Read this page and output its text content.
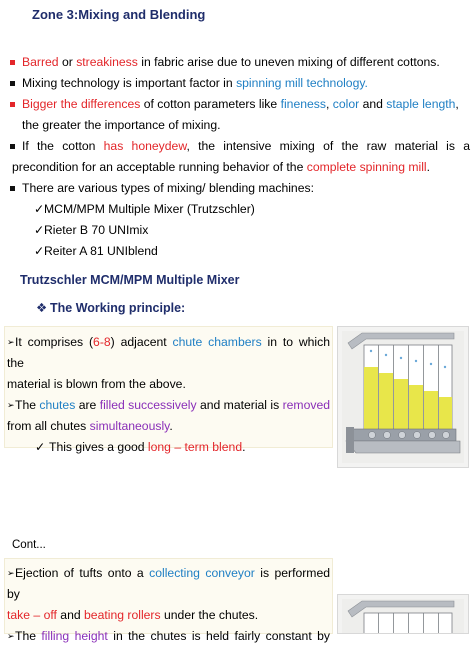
Zone 3:Mixing and Blending
Barred or streakiness in fabric arise due to uneven mixing of different cottons.
Mixing technology is important factor in spinning mill technology.
Bigger the differences of cotton parameters like fineness, color and staple length,
the greater the importance of mixing.
If the cotton has honeydew, the intensive mixing of the raw material is a
precondition for an acceptable running behavior of the complete spinning mill.
There are various types of mixing/ blending machines:
✓MCM/MPM Multiple Mixer (Trutzschler)
✓Rieter B 70 UNImix
✓Reiter A 81 UNIblend
Trutzschler MCM/MPM Multiple Mixer
❖ The Working principle:
➢It comprises (6-8) adjacent chute chambers in to which the
material is blown from the above.
➢The chutes are filled successively and material is removed
from all chutes simultaneously.
✓ This gives a good long – term blend.
Cont...
➢Ejection of tufts onto a collecting conveyor is performed by
take – off and beating rollers under the chutes.
➢The filling height in the chutes is held fairly constant by
